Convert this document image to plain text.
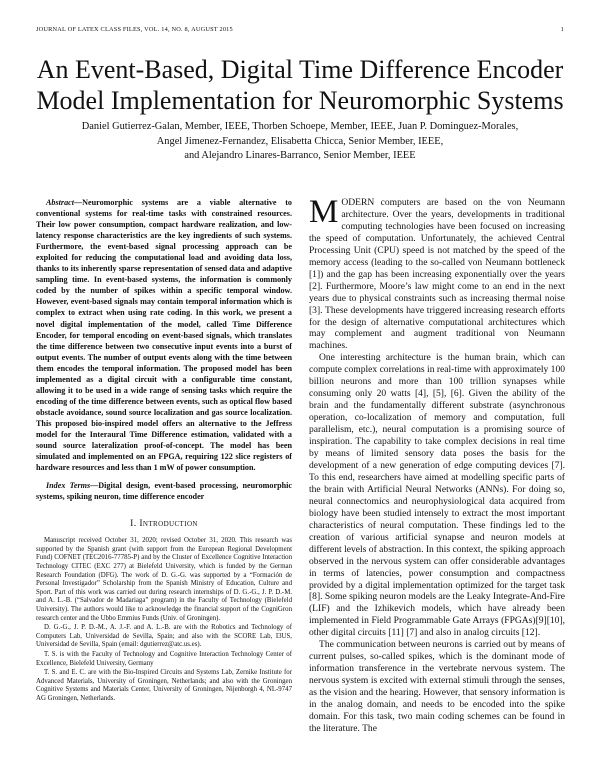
JOURNAL OF LATEX CLASS FILES, VOL. 14, NO. 8, AUGUST 2015	1
An Event-Based, Digital Time Difference Encoder Model Implementation for Neuromorphic Systems
Daniel Gutierrez-Galan, Member, IEEE, Thorben Schoepe, Member, IEEE, Juan P. Dominguez-Morales,
Angel Jimenez-Fernandez, Elisabetta Chicca, Senior Member, IEEE,
and Alejandro Linares-Barranco, Senior Member, IEEE

Abstract—Neuromorphic systems are a viable alternative to conventional systems for real-time tasks with constrained resources. Their low power consumption, compact hardware realization, and low-latency response characteristics are the key ingredients of such systems. Furthermore, the event-based signal processing approach can be exploited for reducing the computational load and avoiding data loss, thanks to its inherently sparse representation of sensed data and adaptive sampling time. In event-based systems, the information is commonly coded by the number of spikes within a specific temporal window. However, event-based signals may contain temporal information which is complex to extract when using rate coding. In this work, we present a novel digital implementation of the model, called Time Difference Encoder, for temporal encoding on event-based signals, which translates the time difference between two consecutive input events into a burst of output events. The number of output events along with the time between them encodes the temporal information. The proposed model has been implemented as a digital circuit with a configurable time constant, allowing it to be used in a wide range of sensing tasks which require the encoding of the time difference between events, such as optical flow based obstacle avoidance, sound source localization and gas source localization. This proposed bio-inspired model offers an alternative to the Jeffress model for the Interaural Time Difference estimation, validated with a sound source lateralization proof-of-concept. The model has been simulated and implemented on an FPGA, requiring 122 slice registers of hardware resources and less than 1 mW of power consumption.

Index Terms—Digital design, event-based processing, neuromorphic systems, spiking neuron, time difference encoder

I. Introduction

Manuscript received October 31, 2020; revised October 31, 2020. This research was supported by the Spanish grant (with support from the European Regional Development Fund) COFNET (TEC2016-77785-P) and by the Cluster of Excellence Cognitive Interaction Technology CITEC (EXC 277) at Bielefeld University, which is funded by the German Research Foundation (DFG). The work of D. G.-G. was supported by a “Formación de Personal Investigador” Scholarship from the Spanish Ministry of Education, Culture and Sport. Part of this work was carried out during research internships of D. G.-G., J. P. D.-M. and A. L.-B. (“Salvador de Madariaga” program) in the Faculty of Technology (Bielefeld University). The authors would like to acknowledge the financial support of the CogniGron research center and the Ubbo Emmius Funds (Univ. of Groningen).

D. G.-G., J. P. D.-M., A. J.-F. and A. L.-B. are with the Robotics and Technology of Computers Lab, Universidad de Sevilla, Spain; and also with the SCORE Lab, I3US, Universidad de Sevilla, Spain (email: dgutierrez@atc.us.es).

T. S. is with the Faculty of Technology and Cognitive Interaction Technology Center of Excellence, Bielefeld University, Germany

T. S. and E. C. are with the Bio-Inspired Circuits and Systems Lab, Zernike Institute for Advanced Materials, University of Groningen, Netherlands; and also with the Groningen Cognitive Systems and Materials Center, University of Groningen, Nijenborgh 4, NL-9747 AG Groningen, Netherlands.

MODERN computers are based on the von Neumann architecture. Over the years, developments in traditional computing technologies have been focused on increasing the speed of computation. Unfortunately, the achieved Central Processing Unit (CPU) speed is not matched by the speed of the memory access (leading to the so-called von Neumann bottleneck [1]) and the gap has been increasing exponentially over the years [2]. Furthermore, Moore’s law might come to an end in the next years due to physical constraints such as increasing thermal noise [3]. These developments have triggered increasing research efforts for the design of alternative computational architectures which may complement and augment traditional von Neumann machines.

One interesting architecture is the human brain, which can compute complex correlations in real-time with approximately 100 billion neurons and more than 100 trillion synapses while consuming only 20 watts [4], [5], [6]. Given the ability of the brain and the fundamentally different substrate (asynchronous operation, co-localization of memory and computation, full parallelism, etc.), neural computation is a promising source of inspiration. The capability to take complex decisions in real time by means of limited sensory data poses the basis for the development of a new generation of edge computing devices [7]. To this end, researchers have aimed at modelling specific parts of the brain with Artificial Neural Networks (ANNs). For doing so, neural connectomics and neurophysiological data acquired from biology have been studied intensely to extract the most important characteristics of neural computation. These findings led to the creation of various artificial synapse and neuron models at different levels of abstraction. In this context, the spiking approach observed in the nervous system can offer considerable advantages in terms of latencies, power consumption and compactness provided by a digital implementation optimized for the target task [8]. Some spiking neuron models are the Leaky Integrate-And-Fire (LIF) and the Izhikevich models, which have already been implemented in Field Programmable Gate Arrays (FPGAs)[9][10], other digital circuits [11] [7] and also in analog circuits [12].

The communication between neurons is carried out by means of current pulses, so-called spikes, which is the dominant mode of information transference in the vertebrate nervous system. The nervous system is excited with external stimuli through the senses, as the vision and the hearing. However, that sensory information is in the analog domain, and needs to be encoded into the spike domain. For this task, two main coding schemes can be found in the literature. The
